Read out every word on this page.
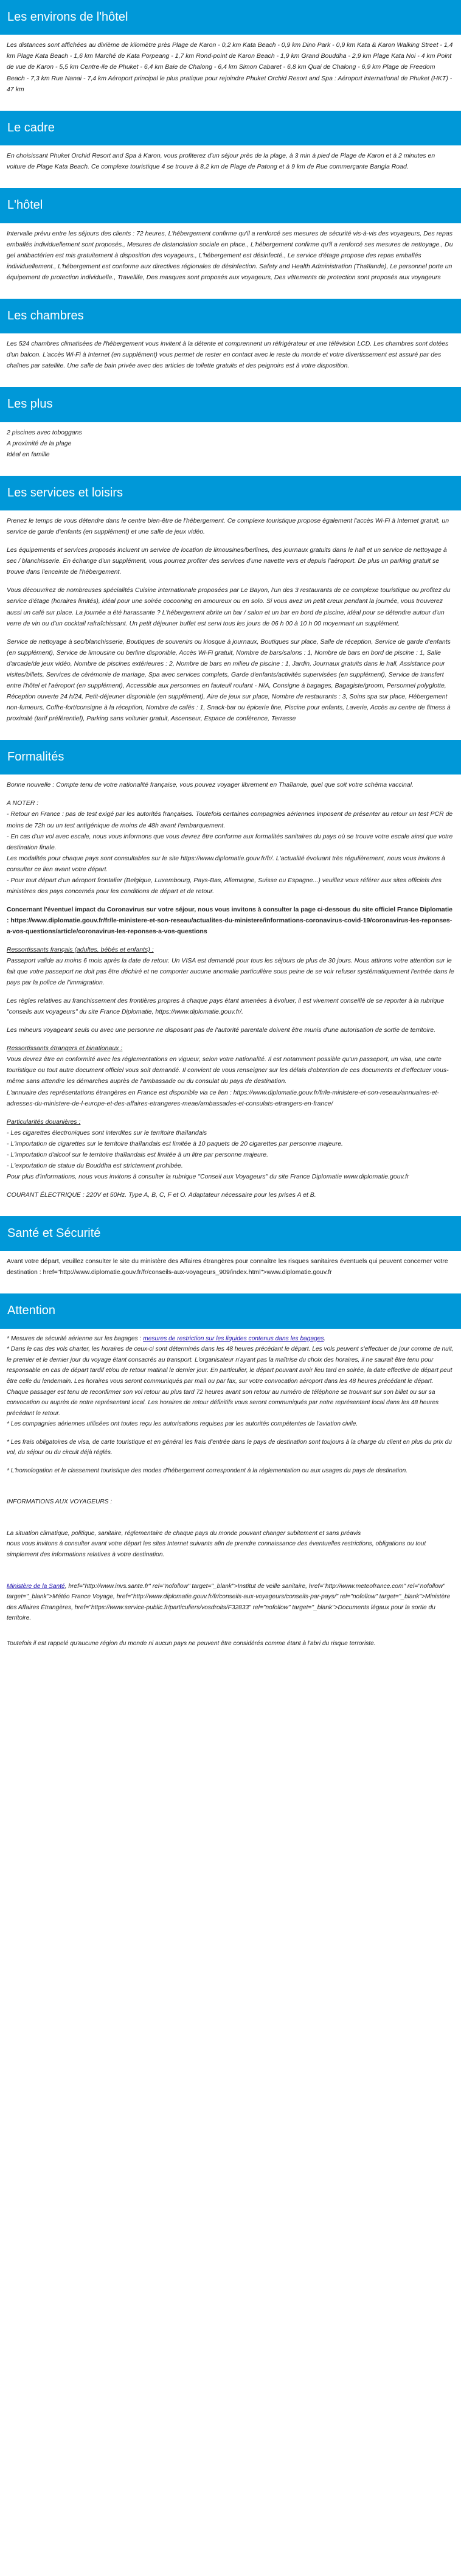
Les environs de l'hôtel

Les distances sont affichées au dixième de kilomètre près Plage de Karon - 0,2 km Kata Beach - 0,9 km Dino Park - 0,9 km Kata & Karon Walking Street - 1,4 km Plage Kata Beach - 1,6 km Marché de Kata Porpeang - 1,7 km Rond-point de Karon Beach - 1,9 km Grand Bouddha - 2,9 km Plage Kata Noi - 4 km Point de vue de Karon - 5,5 km Centre-ile de Phuket - 6,4 km Baie de Chalong - 6,4 km Simon Cabaret - 6,8 km Quai de Chalong - 6,9 km Plage de Freedom Beach - 7,3 km Rue Nanai - 7,4 km Aéroport principal le plus pratique pour rejoindre Phuket Orchid Resort and Spa : Aéroport international de Phuket (HKT) - 47 km

Le cadre

En choisissant Phuket Orchid Resort and Spa à Karon, vous profiterez d'un séjour près de la plage, à 3 min à pied de Plage de Karon et à 2 minutes en voiture de Plage Kata Beach. Ce complexe touristique 4 se trouve à 8,2 km de Plage de Patong et à 9 km de Rue commerçante Bangla Road.

L'hôtel

Intervalle prévu entre les séjours des clients : 72 heures, L'hébergement confirme qu'il a renforcé ses mesures de sécurité vis-à-vis des voyageurs, Des repas emballés individuellement sont proposés., Mesures de distanciation sociale en place., L'hébergement confirme qu'il a renforcé ses mesures de nettoyage., Du gel antibactérien est mis gratuitement à disposition des voyageurs., L'hébergement est désinfecté., Le service d'étage propose des repas emballés individuellement., L'hébergement est conforme aux directives régionales de désinfection. Safety and Health Administration (Thaïlande), Le personnel porte un équipement de protection individuelle., Travellife, Des masques sont proposés aux voyageurs, Des vêtements de protection sont proposés aux voyageurs

Les chambres

Les 524 chambres climatisées de l'hébergement vous invitent à la détente et comprennent un réfrigérateur et une télévision LCD. Les chambres sont dotées d'un balcon. L'accès Wi-Fi à Internet (en supplément) vous permet de rester en contact avec le reste du monde et votre divertissement est assuré par des chaînes par satellite. Une salle de bain privée avec des articles de toilette gratuits et des peignoirs est à votre disposition.

Les plus
2 piscines avec toboggans
A proximité de la plage
Idéal en famille
Les services et loisirs

Prenez le temps de vous détendre dans le centre bien-être de l'hébergement. Ce complexe touristique propose également l'accès Wi-Fi à Internet gratuit, un service de garde d'enfants (en supplément) et une salle de jeux vidéo.

Les équipements et services proposés incluent un service de location de limousines/berlines, des journaux gratuits dans le hall et un service de nettoyage à sec / blanchisserie. En échange d'un supplément, vous pourrez profiter des services d'une navette vers et depuis l'aéroport. De plus un parking gratuit se trouve dans l'enceinte de l'hébergement.

Vous découvrirez de nombreuses spécialités Cuisine internationale proposées par Le Bayon, l'un des 3 restaurants de ce complexe touristique ou profitez du service d'étage (horaires limités), idéal pour une soirée cocooning en amoureux ou en solo. Si vous avez un petit creux pendant la journée, vous trouverez aussi un café sur place. La journée a été harassante ? L'hébergement abrite un bar / salon et un bar en bord de piscine, idéal pour se détendre autour d'un verre de vin ou d'un cocktail rafraîchissant. Un petit déjeuner buffet est servi tous les jours de 06 h 00 à 10 h 00 moyennant un supplément.

Service de nettoyage à sec/blanchisserie, Boutiques de souvenirs ou kiosque à journaux, Boutiques sur place, Salle de réception, Service de garde d'enfants (en supplément), Service de limousine ou berline disponible, Accès Wi-Fi gratuit, Nombre de bars/salons : 1, Nombre de bars en bord de piscine : 1, Salle d'arcade/de jeux vidéo, Nombre de piscines extérieures : 2, Nombre de bars en milieu de piscine : 1, Jardin, Journaux gratuits dans le hall, Assistance pour visites/billets, Services de cérémonie de mariage, Spa avec services complets, Garde d'enfants/activités supervisées (en supplément), Service de transfert entre l'hôtel et l'aéroport (en supplément), Accessible aux personnes en fauteuil roulant - N/A, Consigne à bagages, Bagagiste/groom, Personnel polyglotte, Réception ouverte 24 h/24, Petit-déjeuner disponible (en supplément), Aire de jeux sur place, Nombre de restaurants : 3, Soins spa sur place, Hébergement non-fumeurs, Coffre-fort/consigne à la réception, Nombre de cafés : 1, Snack-bar ou épicerie fine, Piscine pour enfants, Laverie, Accès au centre de fitness à proximité (tarif préférentiel), Parking sans voiturier gratuit, Ascenseur, Espace de conférence, Terrasse

Formalités

Bonne nouvelle : Compte tenu de votre nationalité française, vous pouvez voyager librement en Thaïlande, quel que soit votre schéma vaccinal.

A NOTER :
- Retour en France : pas de test exigé par les autorités françaises. Toutefois certaines compagnies aériennes imposent de présenter au retour un test PCR de moins de 72h ou un test antigénique de moins de 48h avant l'embarquement.
- En cas d'un vol avec escale, nous vous informons que vous devrez être conforme aux formalités sanitaires du pays où se trouve votre escale ainsi que votre destination finale.
Les modalités pour chaque pays sont consultables sur le site https://www.diplomatie.gouv.fr/fr/. L'actualité évoluant très régulièrement, nous vous invitons à consulter ce lien avant votre départ.
- Pour tout départ d'un aéroport frontalier (Belgique, Luxembourg, Pays-Bas, Allemagne, Suisse ou Espagne...) veuillez vous référer aux sites officiels des ministères des pays concernés pour les conditions de départ et de retour.

Concernant l'éventuel impact du Coronavirus sur votre séjour, nous vous invitons à consulter la page ci-dessous du site officiel France Diplomatie : https://www.diplomatie.gouv.fr/fr/le-ministere-et-son-reseau/actualites-du-ministere/informations-coronavirus-covid-19/coronavirus-les-reponses-a-vos-questions/article/coronavirus-les-reponses-a-vos-questions

Ressortissants français (adultes, bébés et enfants) :

Passeport valide au moins 6 mois après la date de retour. Un VISA est demandé pour tous les séjours de plus de 30 jours. Nous attirons votre attention sur le fait que votre passeport ne doit pas être déchiré et ne comporter aucune anomalie particulière sous peine de se voir refuser systématiquement l'entrée dans le pays par la police de l'immigration.

Les règles relatives au franchissement des frontières propres à chaque pays étant amenées à évoluer, il est vivement conseillé de se reporter à la rubrique "conseils aux voyageurs" du site France Diplomatie, https://www.diplomatie.gouv.fr/.

Les mineurs voyageant seuls ou avec une personne ne disposant pas de l'autorité parentale doivent être munis d'une autorisation de sortie de territoire.

Ressortissants étrangers et binationaux :

Vous devrez être en conformité avec les réglementations en vigueur, selon votre nationalité. Il est notamment possible qu'un passeport, un visa, une carte touristique ou tout autre document officiel vous soit demandé. Il convient de vous renseigner sur les délais d'obtention de ces documents et d'effectuer vous-même sans attendre les démarches auprès de l'ambassade ou du consulat du pays de destination.
L'annuaire des représentations étrangères en France est disponible via ce lien : https://www.diplomatie.gouv.fr/fr/le-ministere-et-son-reseau/annuaires-et-adresses-du-ministere-de-l-europe-et-des-affaires-etrangeres-meae/ambassades-et-consulats-etrangers-en-france/

Particularités douanières :
- Les cigarettes électroniques sont interdites sur le territoire thaïlandais
- L'importation de cigarettes sur le territoire thaïlandais est limitée à 10 paquets de 20 cigarettes par personne majeure.
- L'importation d'alcool sur le territoire thaïlandais est limitée à un litre par personne majeure.
- L'exportation de statue du Bouddha est strictement prohibée.
Pour plus d'informations, nous vous invitons à consulter la rubrique "Conseil aux Voyageurs" du site France Diplomatie www.diplomatie.gouv.fr

COURANT ÉLECTRIQUE : 220V et 50Hz. Type A, B, C, F et O. Adaptateur nécessaire pour les prises A et B.

Santé et Sécurité

Avant votre départ, veuillez consulter le site du ministère des Affaires étrangères pour connaître les risques sanitaires éventuels qui peuvent concerner votre destination : href="http://www.diplomatie.gouv.fr/fr/conseils-aux-voyageurs_909/index.html">www.diplomatie.gouv.fr

Attention

* Mesures de sécurité aérienne sur les bagages : mesures de restriction sur les liquides contenus dans les bagages.

* Dans le cas des vols charter, les horaires de ceux-ci sont déterminés dans les 48 heures précédant le départ. Les vols peuvent s'effectuer de jour comme de nuit, le premier et le dernier jour du voyage étant consacrés au transport. L'organisateur n'ayant pas la maîtrise du choix des horaires, il ne saurait être tenu pour responsable en cas de départ tardif et/ou de retour matinal le dernier jour. En particulier, le départ pouvant avoir lieu tard en soirée, la date effective de départ peut être celle du lendemain. Les horaires vous seront communiqués par mail ou par fax, sur votre convocation aéroport dans les 48 heures précédant le départ. Chaque passager est tenu de reconfirmer son vol retour au plus tard 72 heures avant son retour au numéro de téléphone se trouvant sur son billet ou sur sa convocation ou auprès de notre représentant local. Les horaires de retour définitifs vous seront communiqués par notre représentant local dans les 48 heures précédant le retour.
* Les compagnies aériennes utilisées ont toutes reçu les autorisations requises par les autorités compétentes de l'aviation civile.

* Les frais obligatoires de visa, de carte touristique et en général les frais d'entrée dans le pays de destination sont toujours à la charge du client en plus du prix du vol, du séjour ou du circuit déjà réglés.

* L'homologation et le classement touristique des modes d'hébergement correspondent à la réglementation ou aux usages du pays de destination.

INFORMATIONS AUX VOYAGEURS :

La situation climatique, politique, sanitaire, réglementaire de chaque pays du monde pouvant changer subitement et sans préavis
nous vous invitons à consulter avant votre départ les sites Internet suivants afin de prendre connaissance des éventuelles restrictions, obligations ou tout simplement des informations relatives à votre destination.

Ministère de la Santé, href="http://www.invs.sante.fr" rel="nofollow" target="_blank">Institut de veille sanitaire, href="http://www.meteofrance.com" rel="nofollow" target="_blank">Météo France Voyage, href="http://www.diplomatie.gouv.fr/fr/conseils-aux-voyageurs/conseils-par-pays/" rel="nofollow" target="_blank">Ministère des Affaires Étrangères, href="https://www.service-public.fr/particuliers/vosdroits/F32833" rel="nofollow" target="_blank">Documents légaux pour la sortie du territoire.

Toutefois il est rappelé qu'aucune région du monde ni aucun pays ne peuvent être considérés comme étant à l'abri du risque terroriste.
